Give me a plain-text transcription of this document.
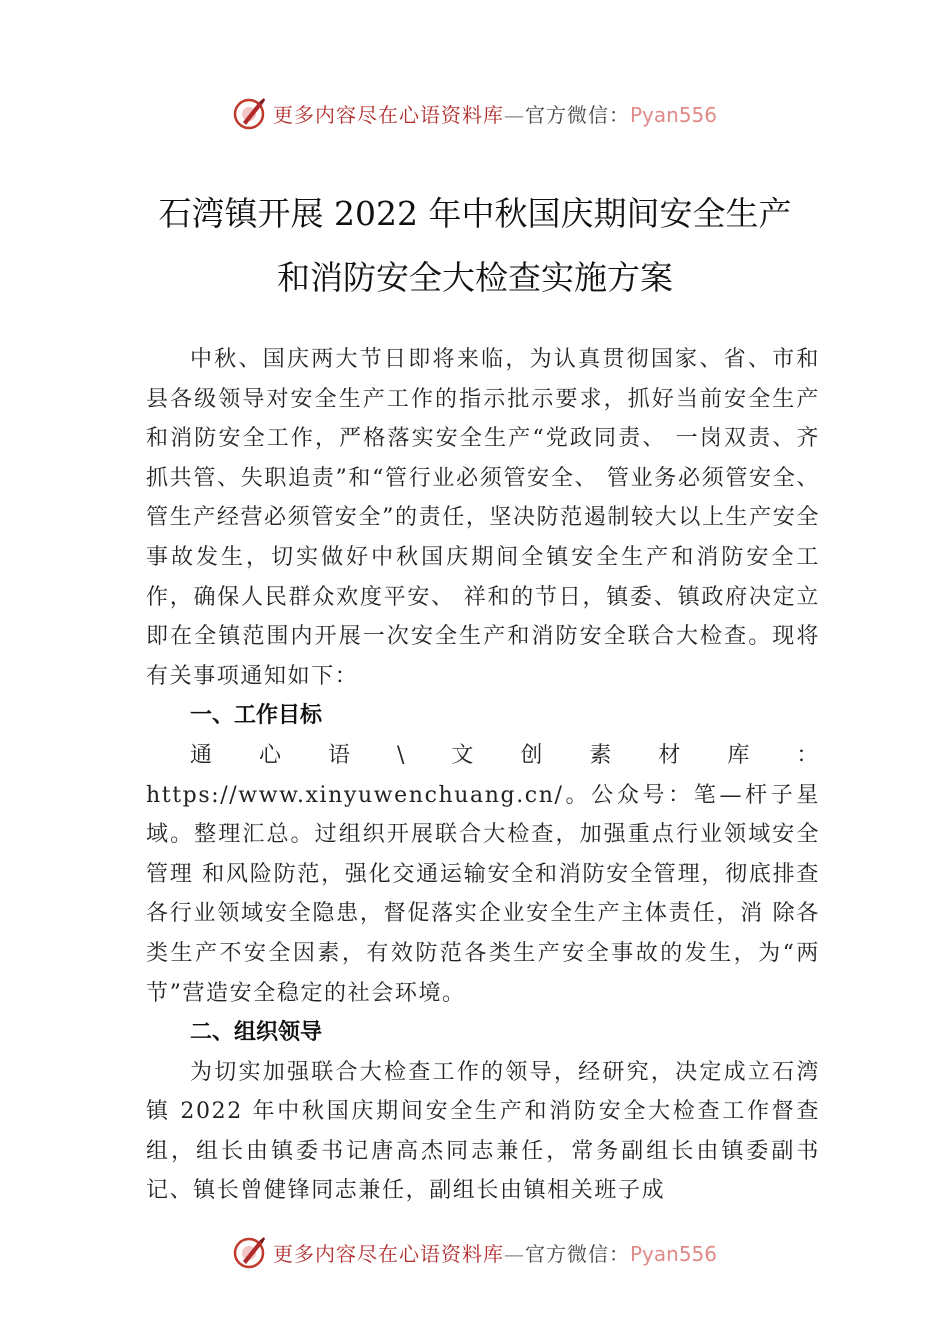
更多内容尽在心语资料库—官方微信：Pyan556
石湾镇开展 2022 年中秋国庆期间安全生产
和消防安全大检查实施方案

中秋、国庆两大节日即将来临，为认真贯彻国家、省、市和县各级领导对安全生产工作的指示批示要求，抓好当前安全生产和消防安全工作，严格落实安全生产“党政同责、 一岗双责、齐抓共管、失职追责”和“管行业必须管安全、 管业务必须管安全、管生产经营必须管安全”的责任，坚决防范遏制较大以上生产安全事故发生，切实做好中秋国庆期间全镇安全生产和消防安全工作，确保人民群众欢度平安、 祥和的节日，镇委、镇政府决定立即在全镇范围内开展一次安全生产和消防安全联合大检查。现将有关事项通知如下：

一、工作目标

通心语\文创素材库：https://www.xinyuwenchuang.cn/。公众号：笔—杆子星域。整理汇总。过组织开展联合大检查，加强重点行业领域安全管理 和风险防范，强化交通运输安全和消防安全管理，彻底排查 各行业领域安全隐患，督促落实企业安全生产主体责任，消 除各类生产不安全因素，有效防范各类生产安全事故的发生，为“两节”营造安全稳定的社会环境。

二、组织领导

为切实加强联合大检查工作的领导，经研究，决定成立石湾镇 2022 年中秋国庆期间安全生产和消防安全大检查工作督查组，组长由镇委书记唐高杰同志兼任，常务副组长由镇委副书记、镇长曾健锋同志兼任，副组长由镇相关班子成

更多内容尽在心语资料库—官方微信：Pyan556
